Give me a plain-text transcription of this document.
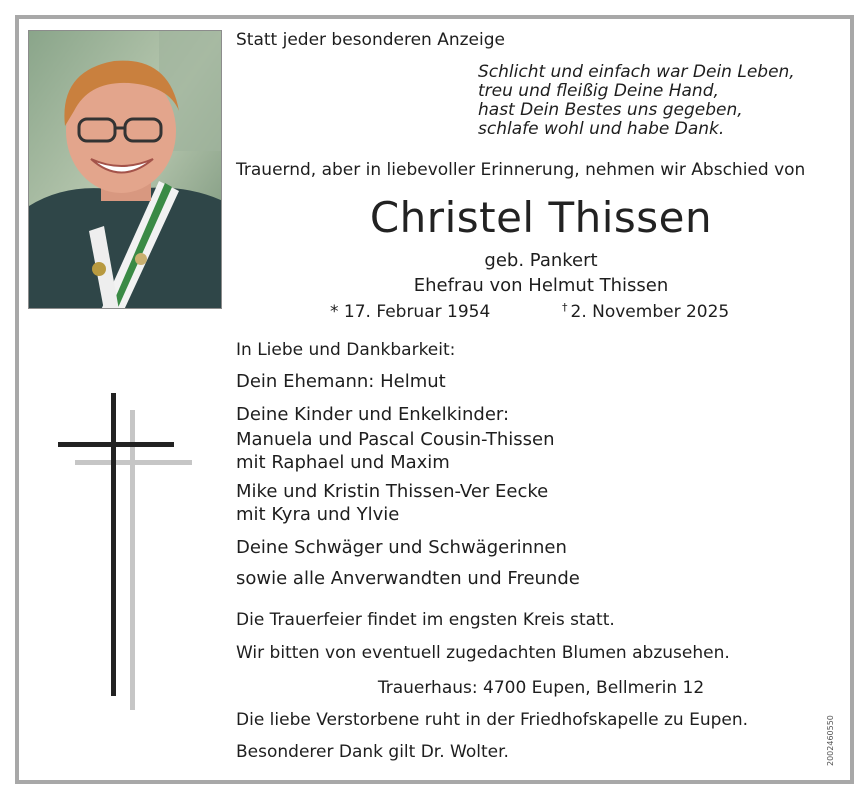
Statt jeder besonderen Anzeige
Schlicht und einfach war Dein Leben,
treu und fleißig Deine Hand,
hast Dein Bestes uns gegeben,
schlafe wohl und habe Dank.
Trauernd, aber in liebevoller Erinnerung, nehmen wir Abschied von
Christel Thissen
geb. Pankert
Ehefrau von Helmut Thissen
* 17. Februar 1954	† 2. November 2025
In Liebe und Dankbarkeit:
Dein Ehemann: Helmut
Deine Kinder und Enkelkinder:
Manuela und Pascal Cousin-Thissen
mit Raphael und Maxim
Mike und Kristin Thissen-Ver Eecke
mit Kyra und Ylvie
Deine Schwäger und Schwägerinnen
sowie alle Anverwandten und Freunde
Die Trauerfeier findet im engsten Kreis statt.
Wir bitten von eventuell zugedachten Blumen abzusehen.
Trauerhaus: 4700 Eupen, Bellmerin 12
Die liebe Verstorbene ruht in der Friedhofskapelle zu Eupen.
Besonderer Dank gilt Dr. Wolter.	2002460550
